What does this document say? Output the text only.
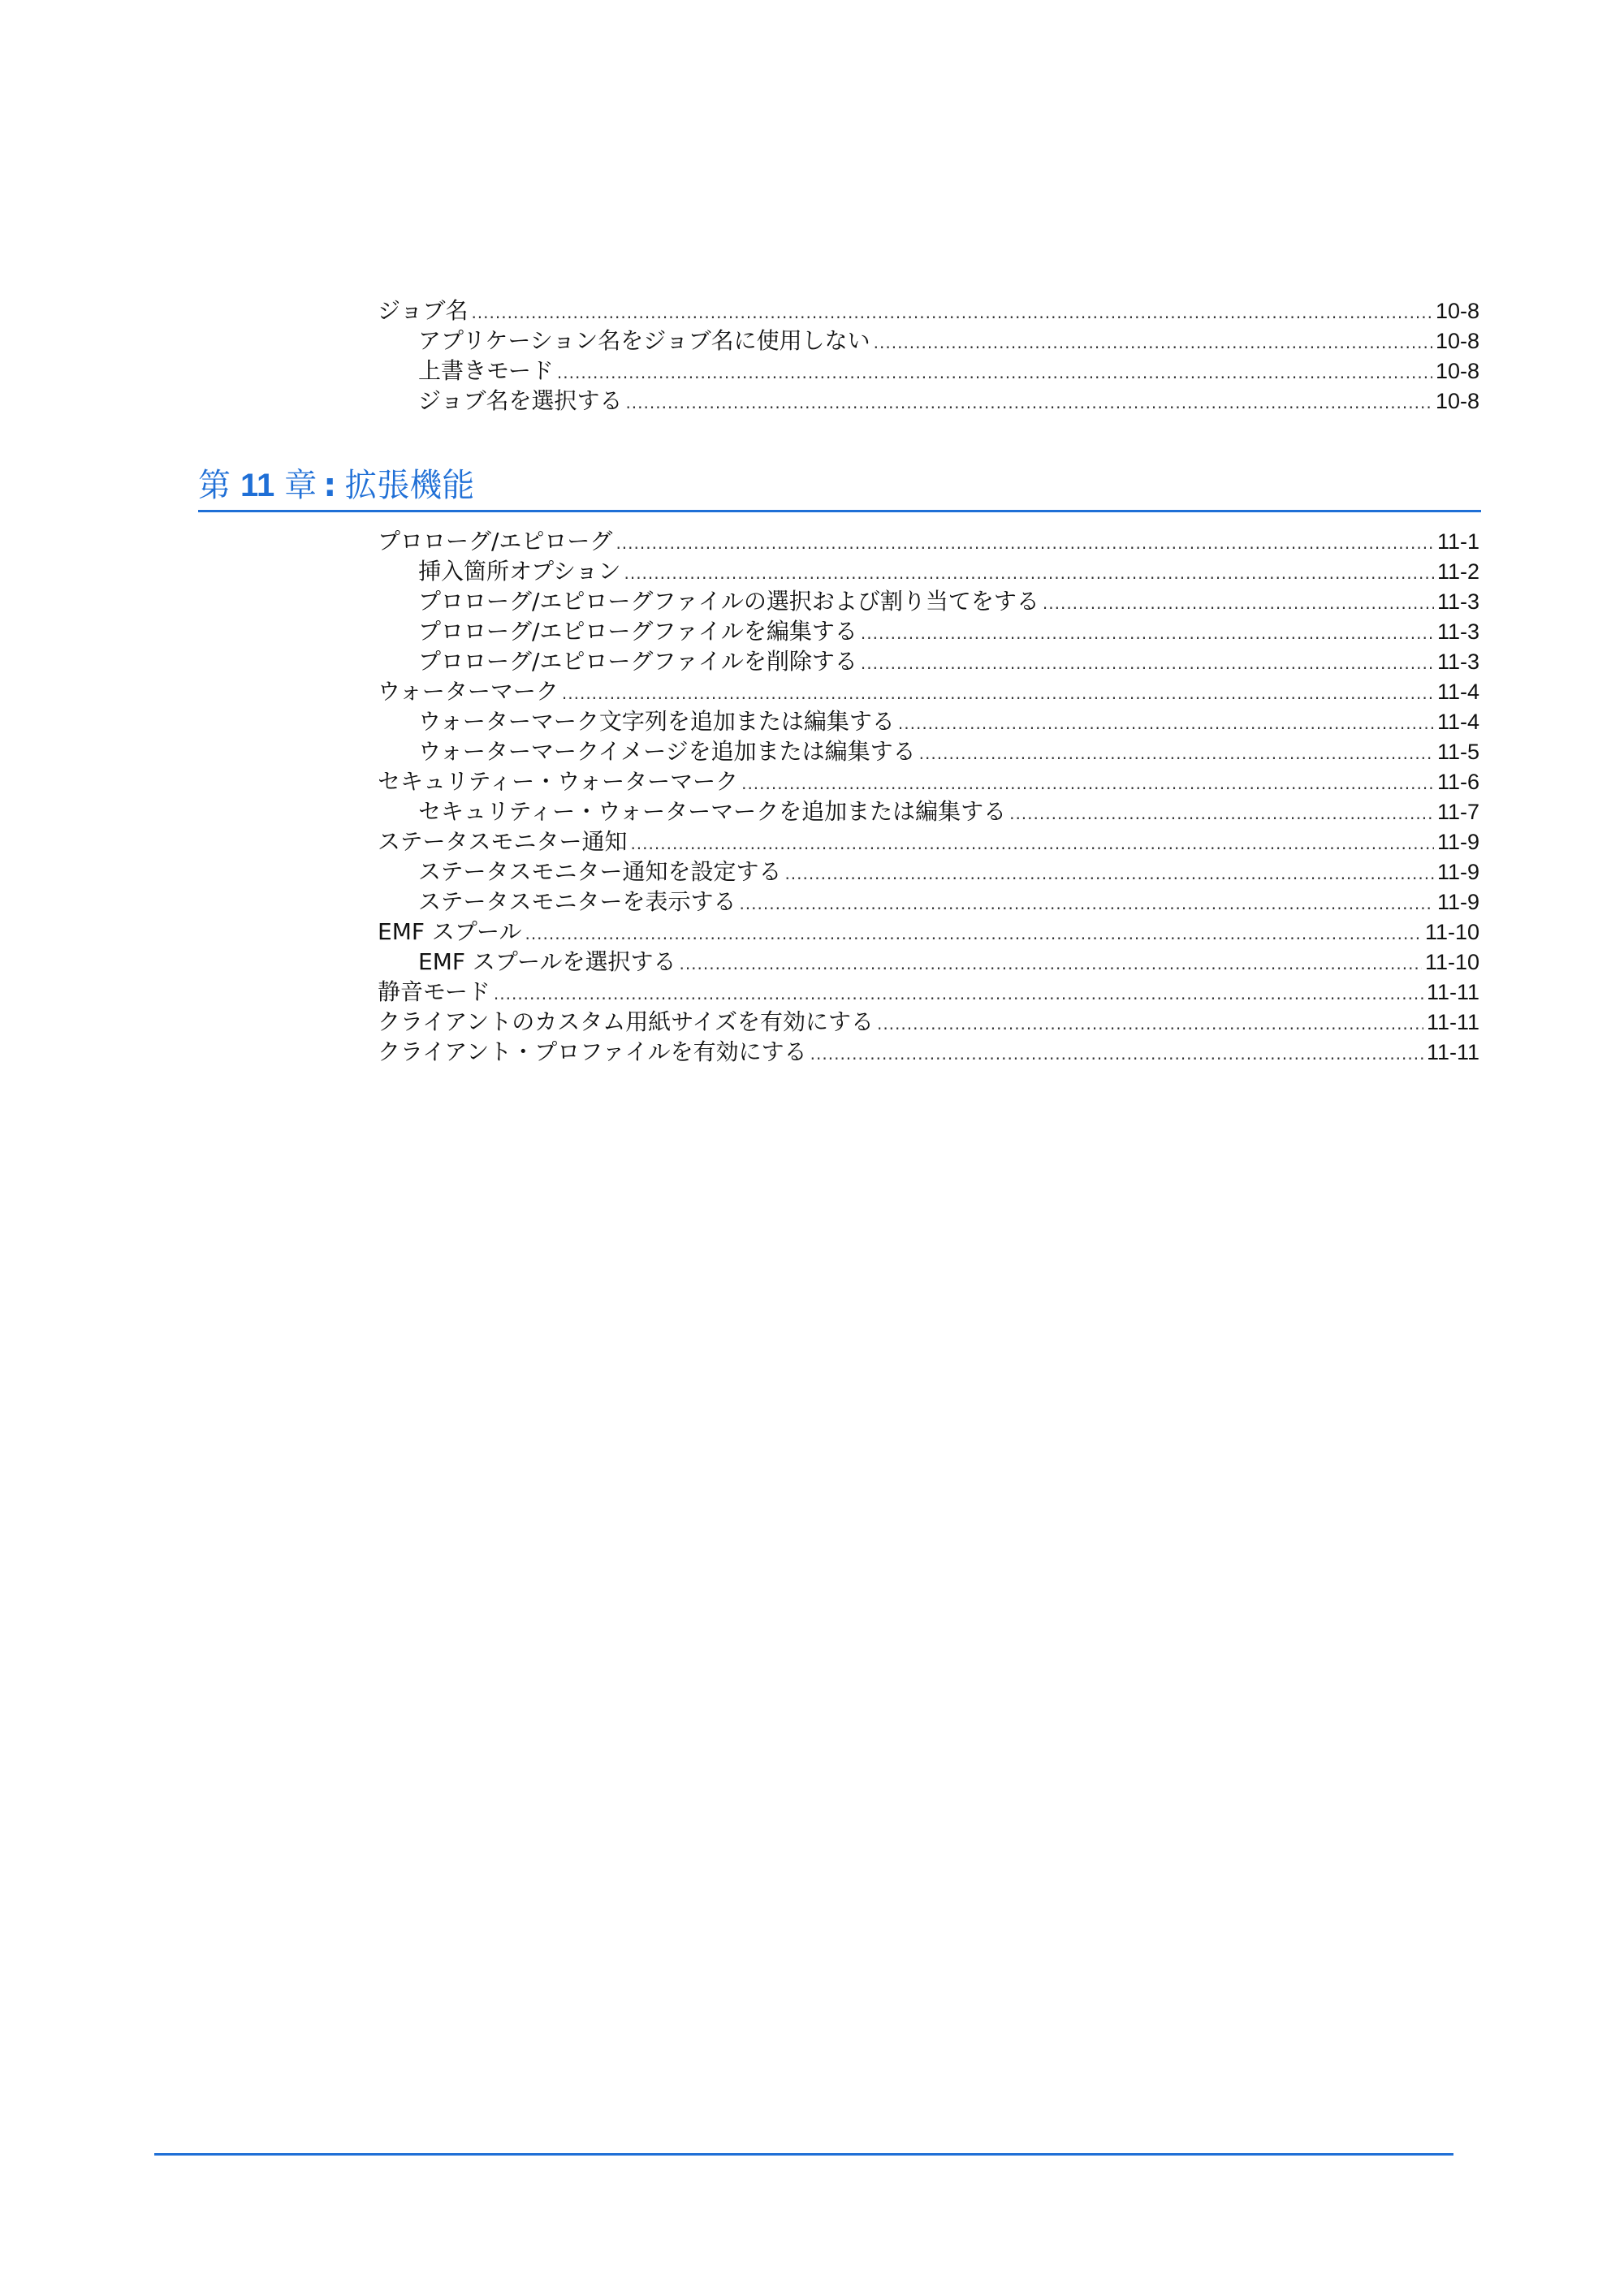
ジョブ名 .....	10-8
アプリケーション名をジョブ名に使用しない .....	10-8
上書きモード .....	10-8
ジョブ名を選択する .....	10-8
第 11 章 : 拡張機能
プロローグ/エピローグ .....	11-1
挿入箇所オプション .....	11-2
プロローグ/エピローグファイルの選択および割り当てをする .....	11-3
プロローグ/エピローグファイルを編集する .....	11-3
プロローグ/エピローグファイルを削除する .....	11-3
ウォーターマーク .....	11-4
ウォーターマーク文字列を追加または編集する .....	11-4
ウォーターマークイメージを追加または編集する .....	11-5
セキュリティー・ウォーターマーク .....	11-6
セキュリティー・ウォーターマークを追加または編集する .....	11-7
ステータスモニター通知 .....	11-9
ステータスモニター通知を設定する .....	11-9
ステータスモニターを表示する .....	11-9
EMF スプール .....	11-10
EMF スプールを選択する .....	11-10
静音モード .....	11-11
クライアントのカスタム用紙サイズを有効にする .....	11-11
クライアント・プロファイルを有効にする .....	11-11
